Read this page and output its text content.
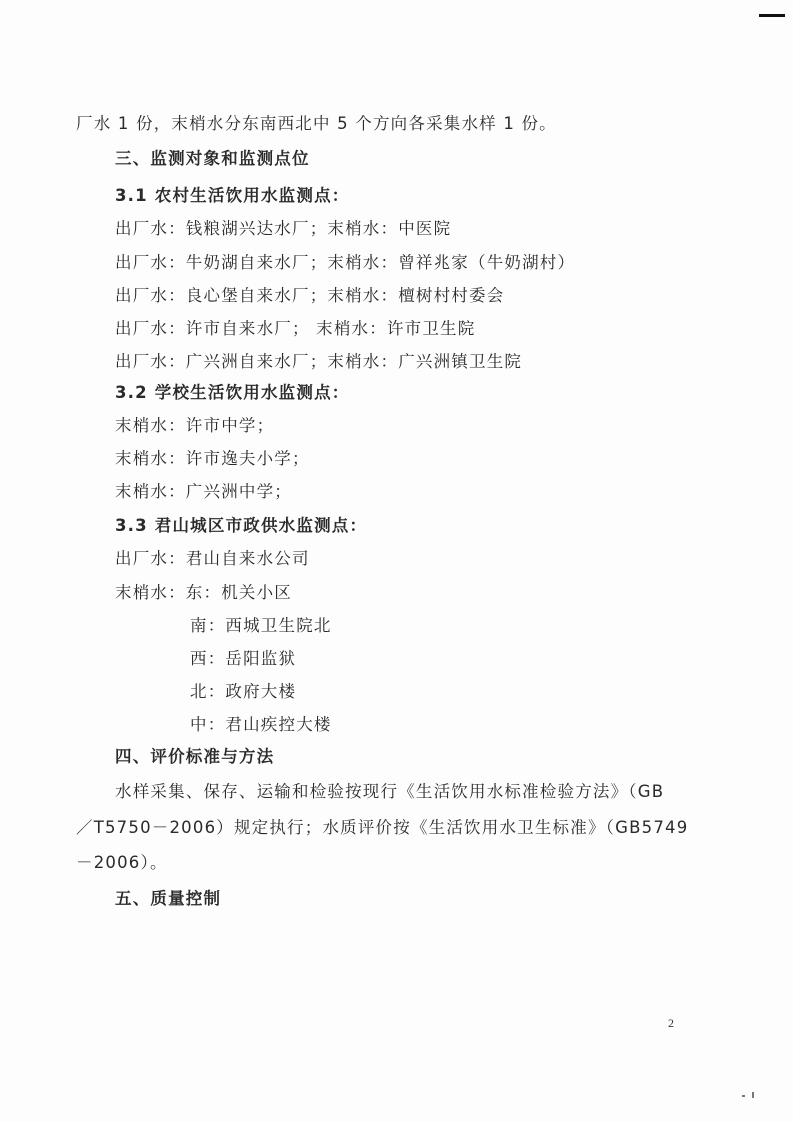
厂水 1 份，末梢水分东南西北中 5 个方向各采集水样 1 份。
三、监测对象和监测点位
3.1 农村生活饮用水监测点：
出厂水：钱粮湖兴达水厂；末梢水：中医院
出厂水：牛奶湖自来水厂；末梢水：曾祥兆家（牛奶湖村）
出厂水：良心堡自来水厂；末梢水：檀树村村委会
出厂水：许市自来水厂； 末梢水：许市卫生院
出厂水：广兴洲自来水厂；末梢水：广兴洲镇卫生院
3.2 学校生活饮用水监测点：
末梢水：许市中学；
末梢水：许市逸夫小学；
末梢水：广兴洲中学；
3.3 君山城区市政供水监测点：
出厂水：君山自来水公司
末梢水：东：机关小区
南：西城卫生院北
西：岳阳监狱
北：政府大楼
中：君山疾控大楼
四、评价标准与方法
水样采集、保存、运输和检验按现行《生活饮用水标准检验方法》（GB
／T5750－2006）规定执行；水质评价按《生活饮用水卫生标准》（GB5749
－2006）。
五、质量控制
2
